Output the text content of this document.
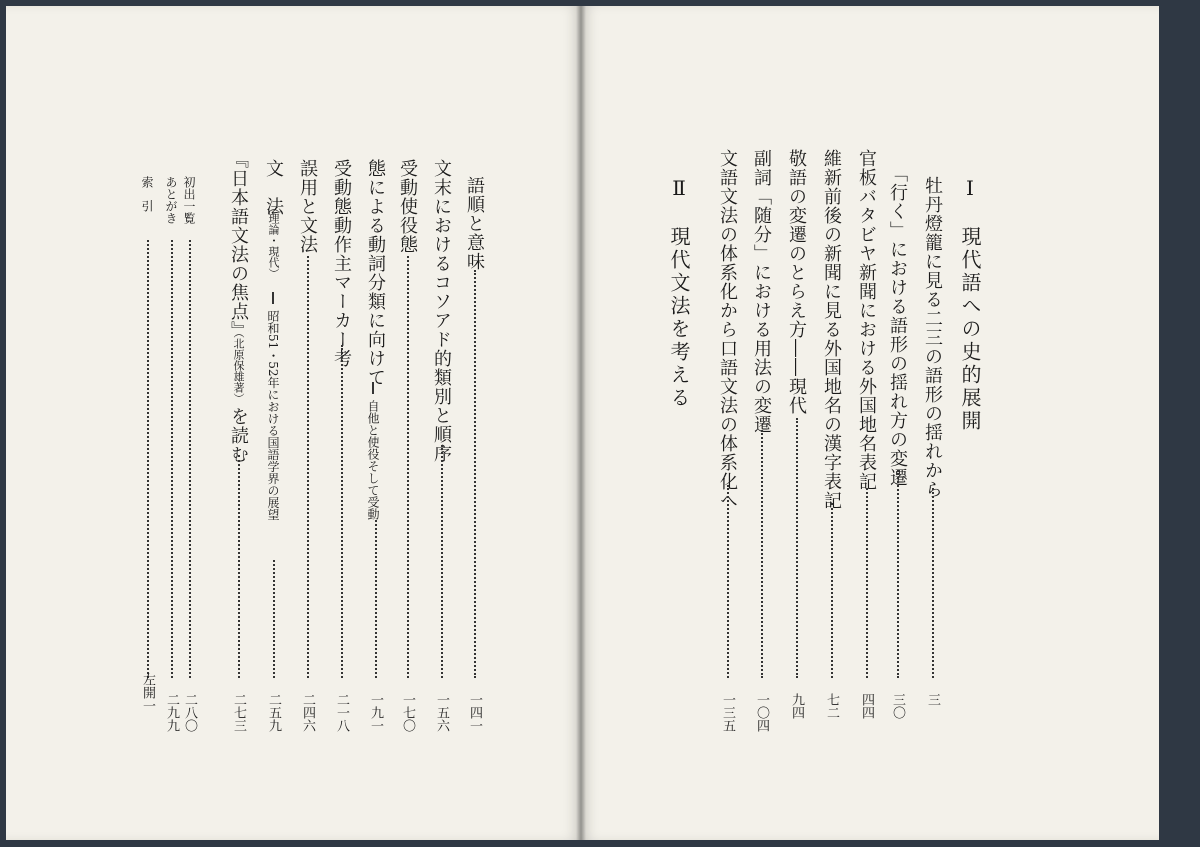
Ⅰ　現代語への史的展開
牡丹燈籠に見る二三の語形の揺れから
三
「行く」における語形の揺れ方の変遷
三〇
官板バタビヤ新聞における外国地名表記
四四
維新前後の新聞に見る外国地名の漢字表記
七二
敬語の変遷のとらえ方――現代
九四
副詞「随分」における用法の変遷
一〇四
文語文法の体系化から口語文法の体系化へ
一三五
Ⅱ　現代文法を考える
語順と意味
一四一
文末におけるコソアド的類別と順序
一五六
受動使役態
一七〇
態による動詞分類に向けて
自他と使役そして受動
一九一
受動態動作主マーカー考
二一八
誤用と文法
二四六
文　法
（理論・現代）
昭和51・52年における国語学界の展望
二五九
『日本語文法の焦点』
（北原保雄著）
を読む
二七三
初出一覧
二八〇
あとがき
二九九
索　引
左開一
